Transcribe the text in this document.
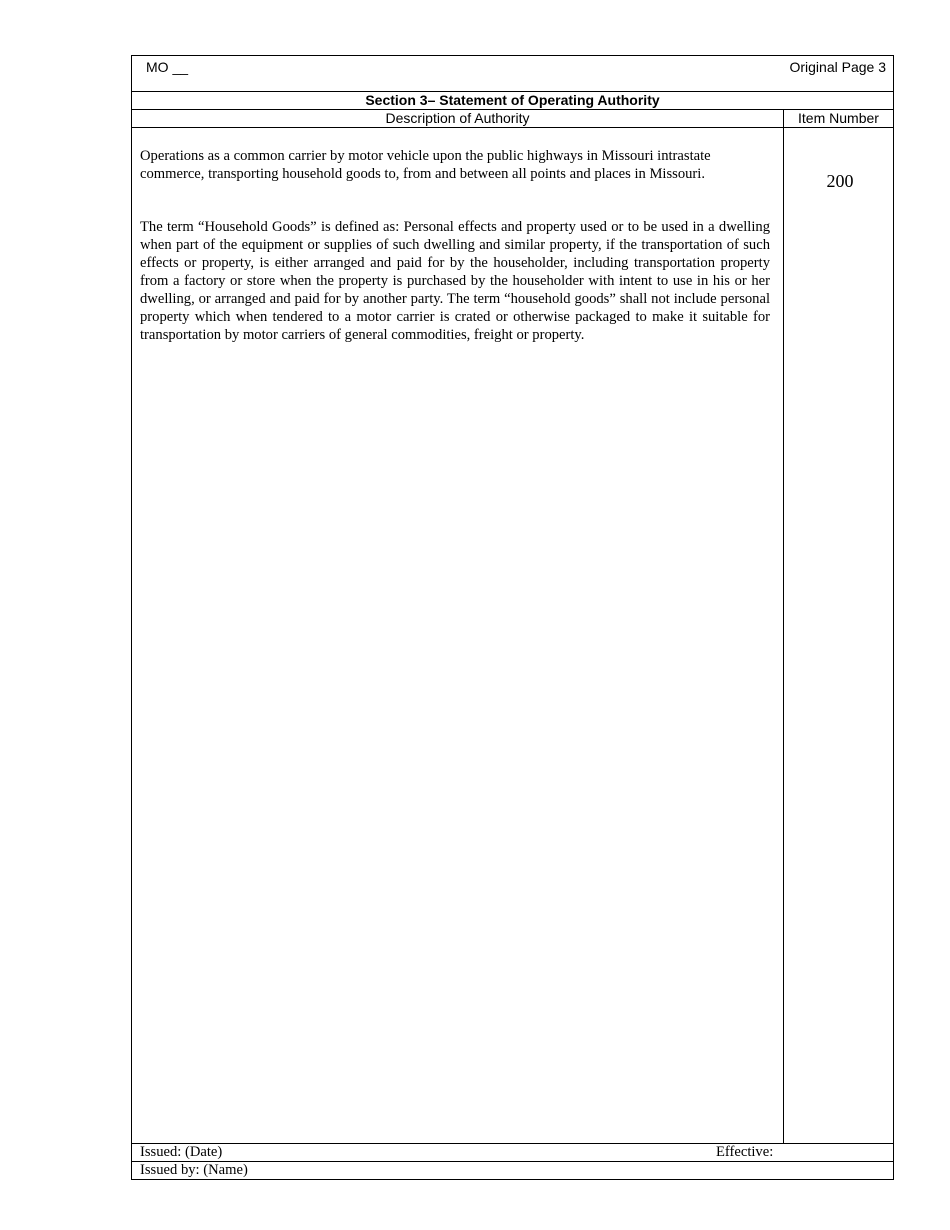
MO __	Original Page 3
Section 3– Statement of Operating Authority
Description of Authority	Item Number

Operations as a common carrier by motor vehicle upon the public highways in Missouri intrastate commerce, transporting household goods to, from and between all points and places in Missouri.	200

The term “Household Goods” is defined as: Personal effects and property used or to be used in a dwelling when part of the equipment or supplies of such dwelling and similar property, if the transportation of such effects or property, is either arranged and paid for by the householder, including transportation property from a factory or store when the property is purchased by the householder with intent to use in his or her dwelling, or arranged and paid for by another party. The term “household goods” shall not include personal property which when tendered to a motor carrier is crated or otherwise packaged to make it suitable for transportation by motor carriers of general commodities, freight or property.

Issued: (Date)	Effective:
Issued by: (Name)
